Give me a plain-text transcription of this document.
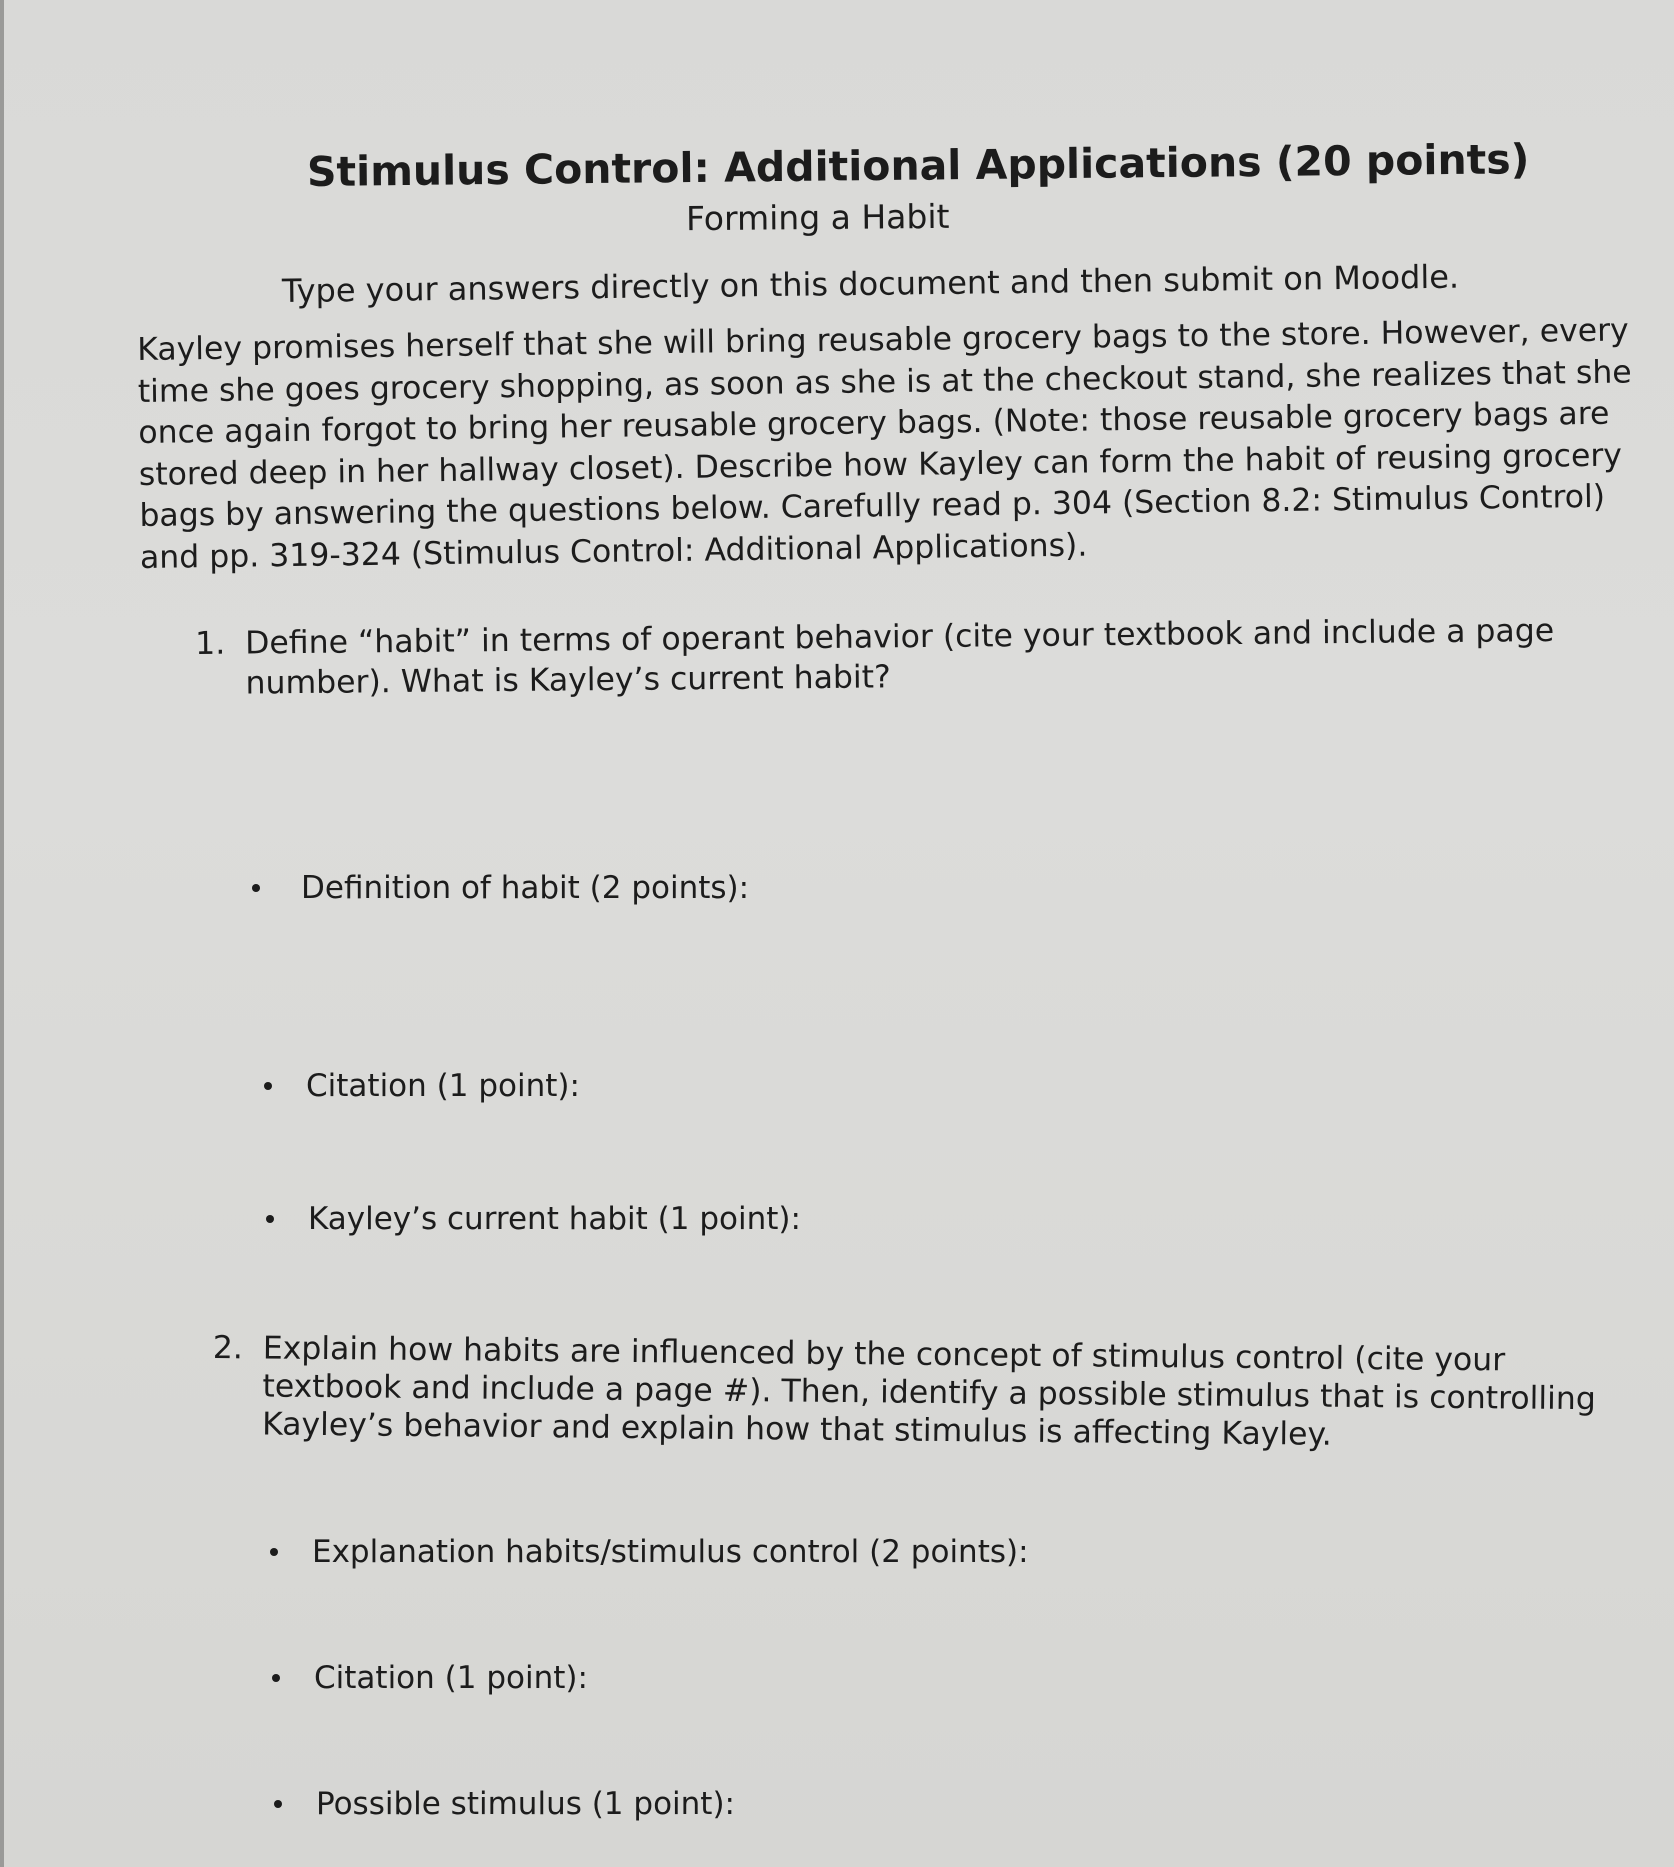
Stimulus Control: Additional Applications (20 points)
Forming a Habit
Type your answers directly on this document and then submit on Moodle.
Kayley promises herself that she will bring reusable grocery bags to the store. However, every
time she goes grocery shopping, as soon as she is at the checkout stand, she realizes that she
once again forgot to bring her reusable grocery bags. (Note: those reusable grocery bags are
stored deep in her hallway closet). Describe how Kayley can form the habit of reusing grocery
bags by answering the questions below. Carefully read p. 304 (Section 8.2: Stimulus Control)
and pp. 319-324 (Stimulus Control: Additional Applications).
1. Define “habit” in terms of operant behavior (cite your textbook and include a page
number). What is Kayley’s current habit?
Definition of habit (2 points):
Citation (1 point):
Kayley’s current habit (1 point):
2. Explain how habits are influenced by the concept of stimulus control (cite your
textbook and include a page #). Then, identify a possible stimulus that is controlling
Kayley’s behavior and explain how that stimulus is affecting Kayley.
Explanation habits/stimulus control (2 points):
Citation (1 point):
Possible stimulus (1 point):
